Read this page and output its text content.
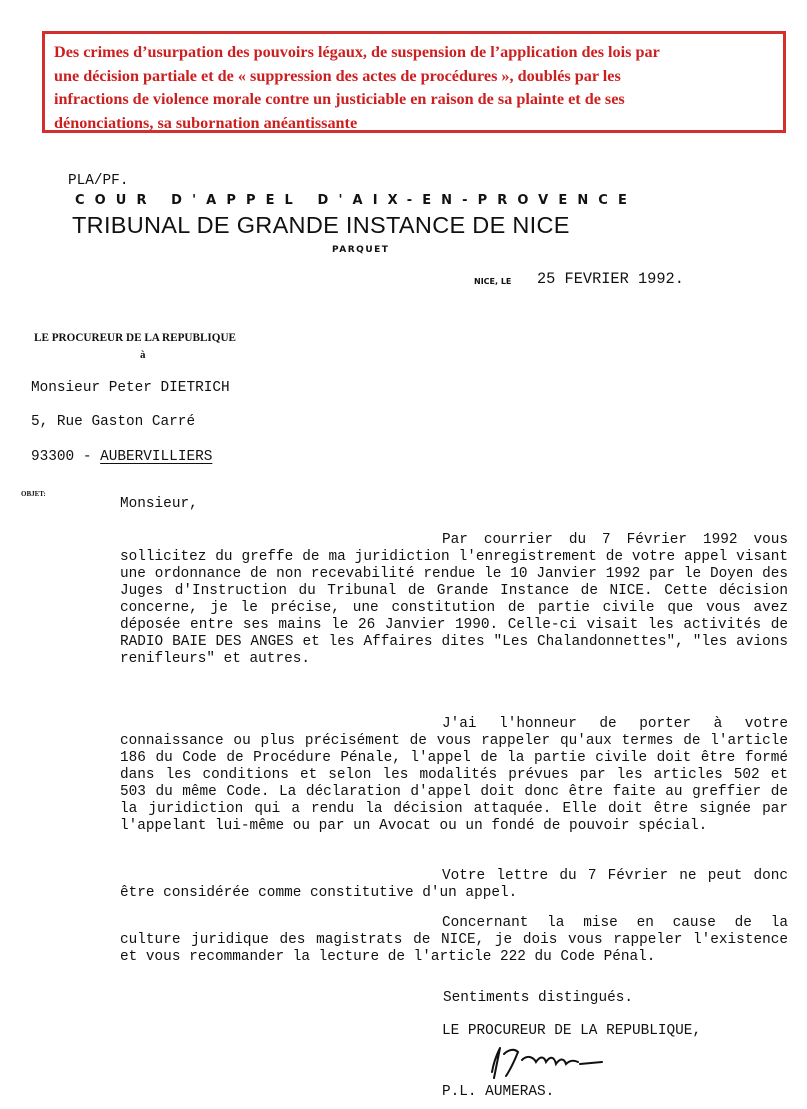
Des crimes d’usurpation des pouvoirs légaux, de suspension de l’application des lois par

une décision partiale et de « suppression des actes de procédures », doublés par les

infractions de violence morale contre un justiciable en raison de sa plainte et de ses

dénonciations, sa subornation anéantissante

PLA/PF.
COUR D'APPEL D'AIX-EN-PROVENCE
TRIBUNAL DE GRANDE INSTANCE DE NICE
PARQUET
NICE, LE 25 FEVRIER 1992.
LE PROCUREUR DE LA REPUBLIQUE
à
Monsieur Peter DIETRICH
5, Rue Gaston Carré
93300 - AUBERVILLIERS
OBJET:
Monsieur,

Par courrier du 7 Février 1992 vous sollicitez du greffe de ma juridiction l'enregistrement de votre appel visant une ordonnance de non recevabilité rendue le 10 Janvier 1992 par le Doyen des Juges d'Instruction du Tribunal de Grande Instance de NICE. Cette décision concerne, je le précise, une constitution de partie civile que vous avez déposée entre ses mains le 26 Janvier 1990. Celle-ci visait les activités de RADIO BAIE DES ANGES et les Affaires dites "Les Chalandonnettes", "les avions renifleurs" et autres.

J'ai l'honneur de porter à votre connaissance ou plus précisément de vous rappeler qu'aux termes de l'article 186 du Code de Procédure Pénale, l'appel de la partie civile doit être formé dans les conditions et selon les modalités prévues par les articles 502 et 503 du même Code. La déclaration d'appel doit donc être faite au greffier de la juridiction qui a rendu la décision attaquée. Elle doit être signée par l'appelant lui-même ou par un Avocat ou un fondé de pouvoir spécial.

Votre lettre du 7 Février ne peut donc être considérée comme constitutive d'un appel.

Concernant la mise en cause de la culture juridique des magistrats de NICE, je dois vous rappeler l'existence et vous recommander la lecture de l'article 222 du Code Pénal.

Sentiments distingués.
LE PROCUREUR DE LA REPUBLIQUE,
P.L. AUMERAS.
